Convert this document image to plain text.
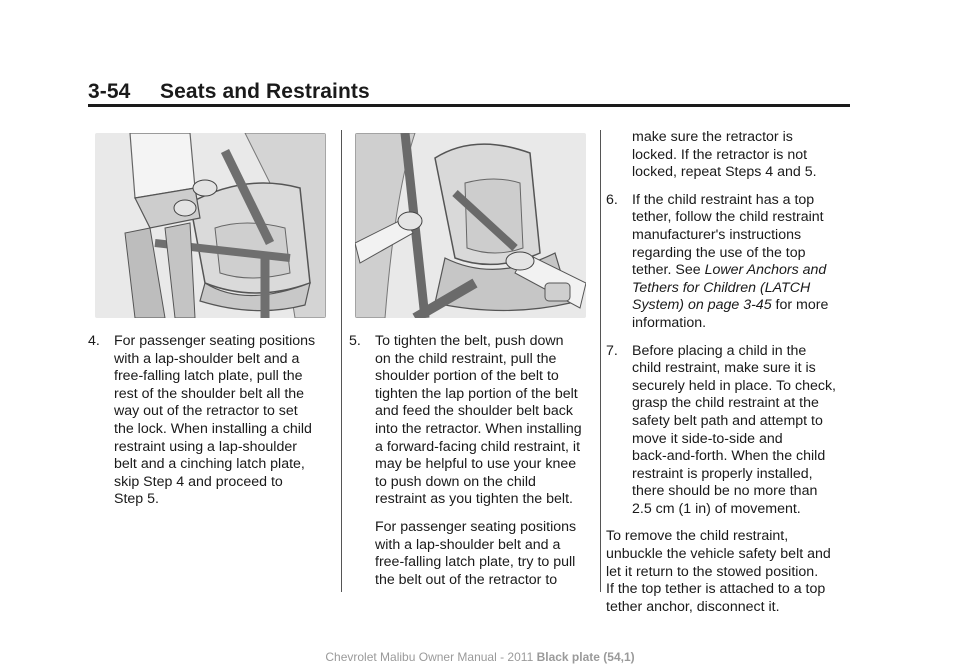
3-54 Seats and Restraints
4. For passenger seating positions
with a lap-shoulder belt and a
free-falling latch plate, pull the
rest of the shoulder belt all the
way out of the retractor to set
the lock. When installing a child
restraint using a lap-shoulder
belt and a cinching latch plate,
skip Step 4 and proceed to
Step 5.
5. To tighten the belt, push down
on the child restraint, pull the
shoulder portion of the belt to
tighten the lap portion of the belt
and feed the shoulder belt back
into the retractor. When installing
a forward-facing child restraint, it
may be helpful to use your knee
to push down on the child
restraint as you tighten the belt.
For passenger seating positions
with a lap-shoulder belt and a
free-falling latch plate, try to pull
the belt out of the retractor to
make sure the retractor is
locked. If the retractor is not
locked, repeat Steps 4 and 5.
6. If the child restraint has a top
tether, follow the child restraint
manufacturer's instructions
regarding the use of the top
tether. See Lower Anchors and
Tethers for Children (LATCH
System) on page 3-45 for more
information.
7. Before placing a child in the
child restraint, make sure it is
securely held in place. To check,
grasp the child restraint at the
safety belt path and attempt to
move it side-to-side and
back-and-forth. When the child
restraint is properly installed,
there should be no more than
2.5 cm (1 in) of movement.
To remove the child restraint,
unbuckle the vehicle safety belt and
let it return to the stowed position.
If the top tether is attached to a top
tether anchor, disconnect it.
Chevrolet Malibu Owner Manual - 2011 Black plate (54,1)
